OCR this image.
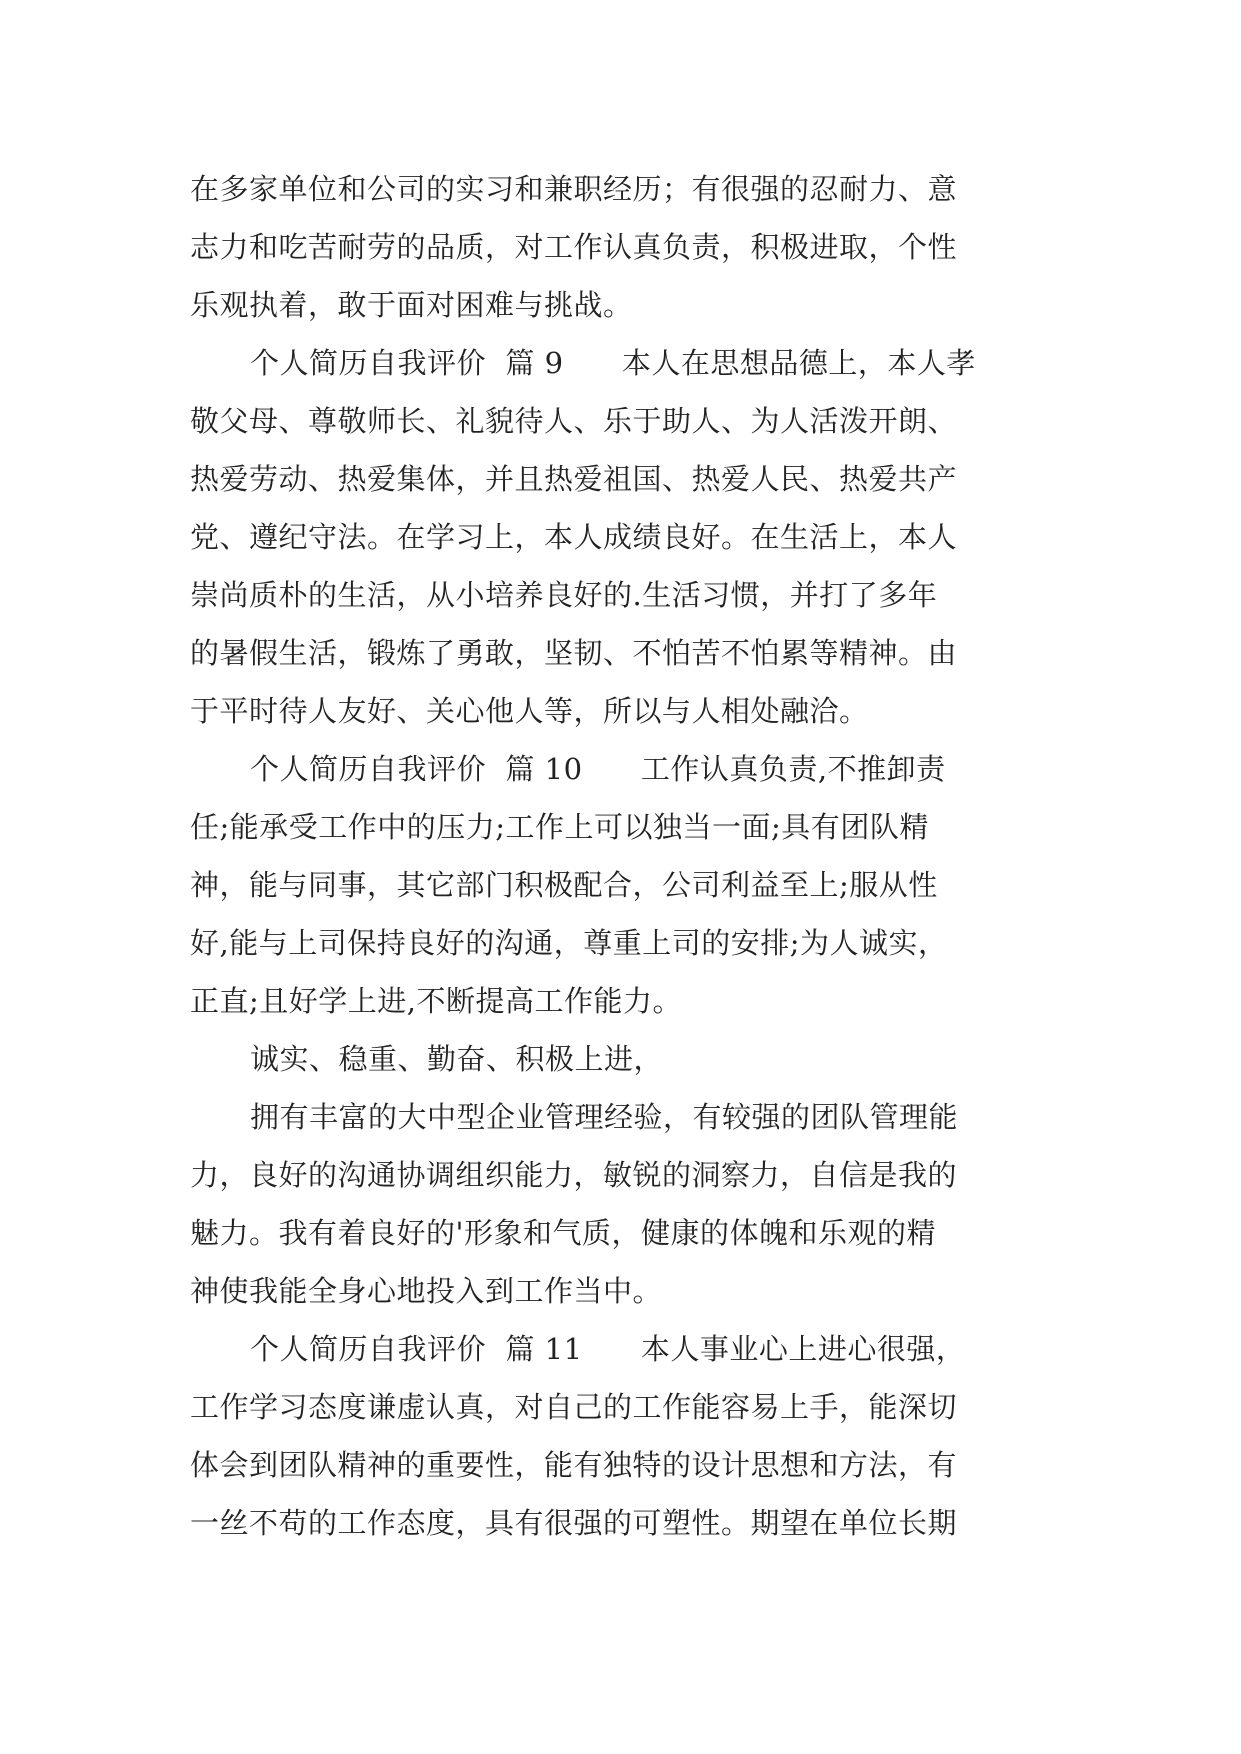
在多家单位和公司的实习和兼职经历；有很强的忍耐力、意
志力和吃苦耐劳的品质，对工作认真负责，积极进取，个性
乐观执着，敢于面对困难与挑战。
个人简历自我评价  篇 9      本人在思想品德上，本人孝
敬父母、尊敬师长、礼貌待人、乐于助人、为人活泼开朗、
热爱劳动、热爱集体，并且热爱祖国、热爱人民、热爱共产
党、遵纪守法。在学习上，本人成绩良好。在生活上，本人
崇尚质朴的生活，从小培养良好的.生活习惯，并打了多年
的暑假生活，锻炼了勇敢，坚韧、不怕苦不怕累等精神。由
于平时待人友好、关心他人等，所以与人相处融洽。
个人简历自我评价  篇 10      工作认真负责,不推卸责
任;能承受工作中的压力;工作上可以独当一面;具有团队精
神，能与同事，其它部门积极配合，公司利益至上;服从性
好,能与上司保持良好的沟通，尊重上司的安排;为人诚实，
正直;且好学上进,不断提高工作能力。
诚实、稳重、勤奋、积极上进，
拥有丰富的大中型企业管理经验，有较强的团队管理能
力，良好的沟通协调组织能力，敏锐的洞察力，自信是我的
魅力。我有着良好的'形象和气质，健康的体魄和乐观的精
神使我能全身心地投入到工作当中。
个人简历自我评价  篇 11      本人事业心上进心很强，
工作学习态度谦虚认真，对自己的工作能容易上手，能深切
体会到团队精神的重要性，能有独特的设计思想和方法，有
一丝不苟的工作态度，具有很强的可塑性。期望在单位长期
